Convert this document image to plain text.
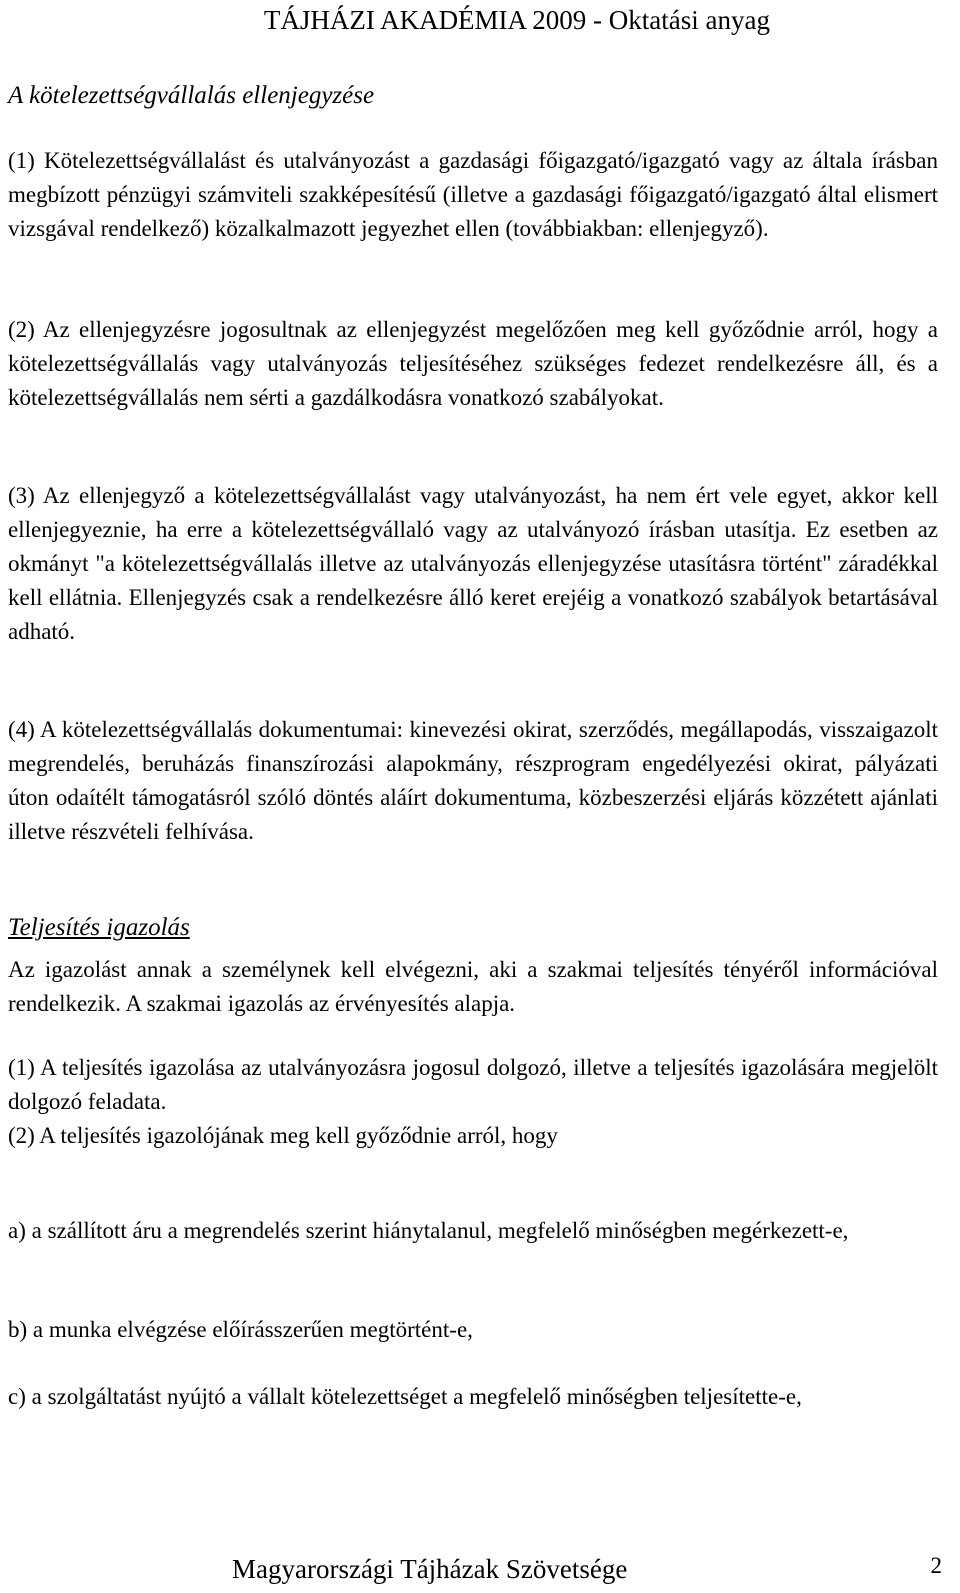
TÁJHÁZI AKADÉMIA 2009 - Oktatási anyag
A kötelezettségvállalás ellenjegyzése
(1) Kötelezettségvállalást és utalványozást a gazdasági főigazgató/igazgató vagy az általa írásban megbízott pénzügyi számviteli szakképesítésű (illetve a gazdasági főigazgató/igazgató által elismert vizsgával rendelkező) közalkalmazott jegyezhet ellen (továbbiakban: ellenjegyző).
(2) Az ellenjegyzésre jogosultnak az ellenjegyzést megelőzően meg kell győződnie arról, hogy a kötelezettségvállalás vagy utalványozás teljesítéséhez szükséges fedezet rendelkezésre áll, és a kötelezettségvállalás nem sérti a gazdálkodásra vonatkozó szabályokat.
(3) Az ellenjegyző a kötelezettségvállalást vagy utalványozást, ha nem ért vele egyet, akkor kell ellenjegyeznie, ha erre a kötelezettségvállaló vagy az utalványozó írásban utasítja. Ez esetben az okmányt "a kötelezettségvállalás illetve az utalványozás ellenjegyzése utasításra történt" záradékkal kell ellátnia. Ellenjegyzés csak a rendelkezésre álló keret erejéig a vonatkozó szabályok betartásával adható.
(4) A kötelezettségvállalás dokumentumai: kinevezési okirat, szerződés, megállapodás, visszaigazolt megrendelés, beruházás finanszírozási alapokmány, részprogram engedélyezési okirat, pályázati úton odaítélt támogatásról szóló döntés aláírt dokumentuma, közbeszerzési eljárás közzétett ajánlati illetve részvételi felhívása.
Teljesítés igazolás
Az igazolást annak a személynek kell elvégezni, aki a szakmai teljesítés tényéről információval rendelkezik. A szakmai igazolás az érvényesítés alapja.
(1) A teljesítés igazolása az utalványozásra jogosul dolgozó, illetve a teljesítés igazolására megjelölt dolgozó feladata.
(2) A teljesítés igazolójának meg kell győződnie arról, hogy
a) a szállított áru a megrendelés szerint hiánytalanul, megfelelő minőségben megérkezett-e,
b) a munka elvégzése előírásszerűen megtörtént-e,
c) a szolgáltatást nyújtó a vállalt kötelezettséget a megfelelő minőségben teljesítette-e,
Magyarországi Tájházak Szövetsége	2
